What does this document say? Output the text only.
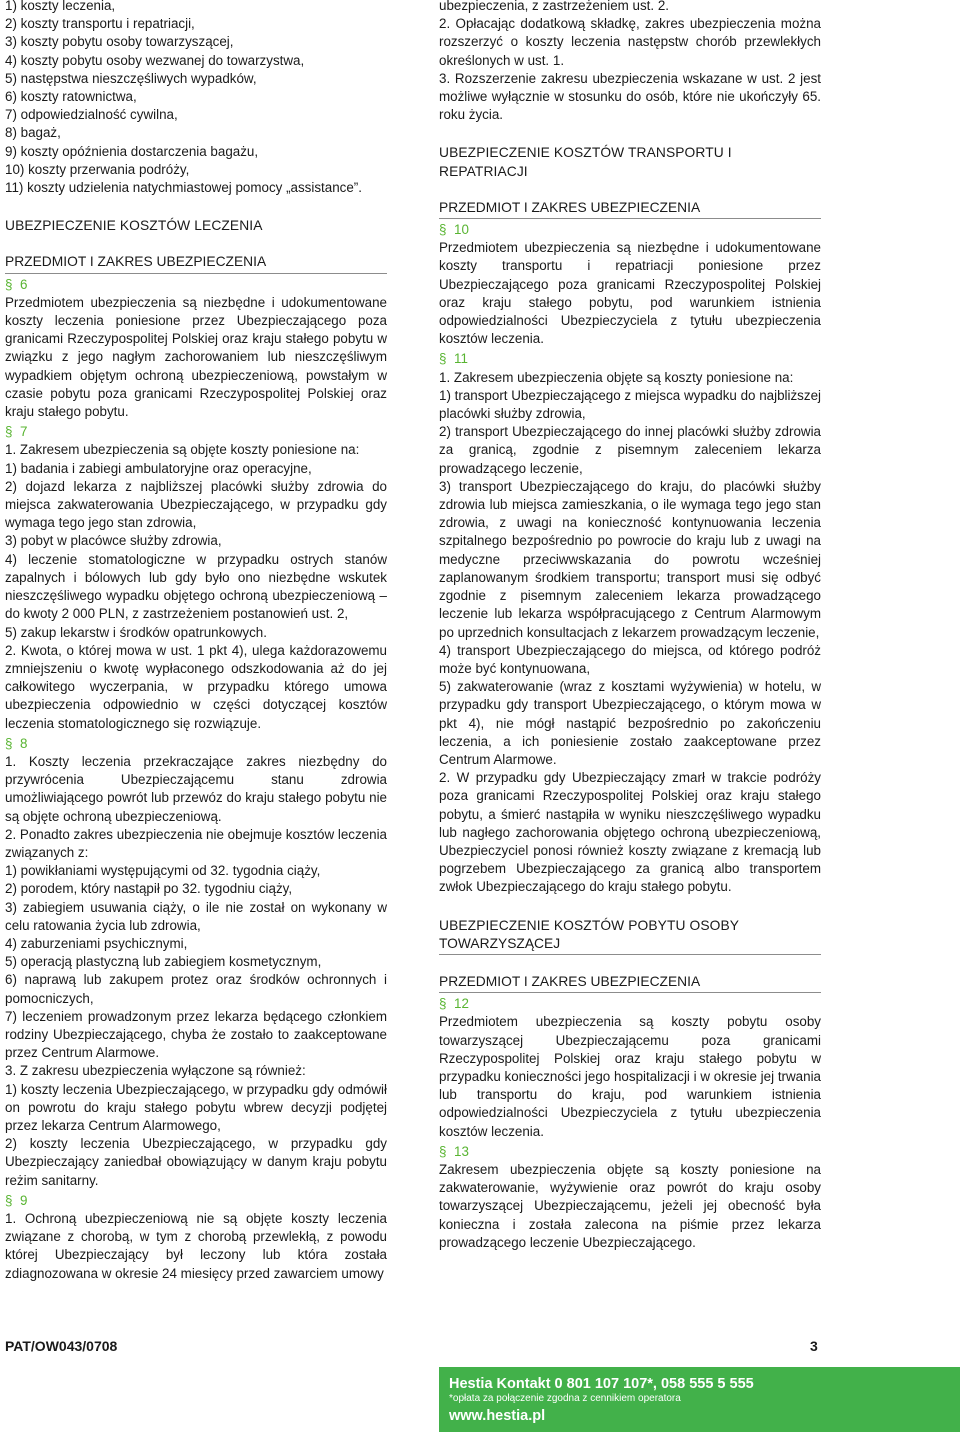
1) koszty leczenia,

2) koszty transportu i repatriacji,

3) koszty pobytu osoby towarzyszącej,

4) koszty pobytu osoby wezwanej do towarzystwa,

5) następstwa nieszczęśliwych wypadków,

6) koszty ratownictwa,

7) odpowiedzialność cywilna,

8) bagaż,

9) koszty opóźnienia dostarczenia bagażu,

10) koszty przerwania podróży,

11) koszty udzielenia natychmiastowej pomocy „assistance”.

UBEZPIECZENIE KOSZTÓW LECZENIA

PRZEDMIOT I ZAKRES UBEZPIECZENIA

§ 6

Przedmiotem ubezpieczenia są niezbędne i udokumentowane koszty leczenia poniesione przez Ubezpieczającego poza granicami Rzeczypospolitej Polskiej oraz kraju stałego pobytu w związku z jego nagłym zachorowaniem lub nieszczęśliwym wypadkiem objętym ochroną ubezpieczeniową, powstałym w czasie pobytu poza granicami Rzeczypospolitej Polskiej oraz kraju stałego pobytu.

§ 7

1. Zakresem ubezpieczenia są objęte koszty poniesione na:

1) badania i zabiegi ambulatoryjne oraz operacyjne,

2) dojazd lekarza z najbliższej placówki służby zdrowia do miejsca zakwaterowania Ubezpieczającego, w przypadku gdy wymaga tego jego stan zdrowia,

3) pobyt w placówce służby zdrowia,

4) leczenie stomatologiczne w przypadku ostrych stanów zapalnych i bólowych lub gdy było ono niezbędne wskutek nieszczęśliwego wypadku objętego ochroną ubezpieczeniową – do kwoty 2 000 PLN, z zastrzeżeniem postanowień ust. 2,

5) zakup lekarstw i środków opatrunkowych.

2. Kwota, o której mowa w ust. 1 pkt 4), ulega każdorazowemu zmniejszeniu o kwotę wypłaconego odszkodowania aż do jej całkowitego wyczerpania, w przypadku którego umowa ubezpieczenia odpowiednio w części dotyczącej kosztów leczenia stomatologicznego się rozwiązuje.

§ 8

1. Koszty leczenia przekraczające zakres niezbędny do przywrócenia Ubezpieczającemu stanu zdrowia umożliwiającego powrót lub przewóz do kraju stałego pobytu nie są objęte ochroną ubezpieczeniową.

2. Ponadto zakres ubezpieczenia nie obejmuje kosztów leczenia związanych z:

1) powikłaniami występującymi od 32. tygodnia ciąży,

2) porodem, który nastąpił po 32. tygodniu ciąży,

3) zabiegiem usuwania ciąży, o ile nie został on wykonany w celu ratowania życia lub zdrowia,

4) zaburzeniami psychicznymi,

5) operacją plastyczną lub zabiegiem kosmetycznym,

6) naprawą lub zakupem protez oraz środków ochronnych i pomocniczych,

7) leczeniem prowadzonym przez lekarza będącego członkiem rodziny Ubezpieczającego, chyba że zostało to zaakceptowane przez Centrum Alarmowe.

3. Z zakresu ubezpieczenia wyłączone są również:

1) koszty leczenia Ubezpieczającego, w przypadku gdy odmówił on powrotu do kraju stałego pobytu wbrew decyzji podjętej przez lekarza Centrum Alarmowego,

2) koszty leczenia Ubezpieczającego, w przypadku gdy Ubezpieczający zaniedbał obowiązujący w danym kraju pobytu reżim sanitarny.

§ 9

1. Ochroną ubezpieczeniową nie są objęte koszty leczenia związane z chorobą, w tym z chorobą przewlekłą, z powodu której Ubezpieczający był leczony lub która została zdiagnozowana w okresie 24 miesięcy przed zawarciem umowy

ubezpieczenia, z zastrzeżeniem ust. 2.

2. Opłacając dodatkową składkę, zakres ubezpieczenia można rozszerzyć o koszty leczenia następstw chorób przewlekłych określonych w ust. 1.

3. Rozszerzenie zakresu ubezpieczenia wskazane w ust. 2 jest możliwe wyłącznie w stosunku do osób, które nie ukończyły 65. roku życia.

UBEZPIECZENIE KOSZTÓW TRANSPORTU I REPATRIACJI

PRZEDMIOT I ZAKRES UBEZPIECZENIA

§ 10

Przedmiotem ubezpieczenia są niezbędne i udokumentowane koszty transportu i repatriacji poniesione przez Ubezpieczającego poza granicami Rzeczypospolitej Polskiej oraz kraju stałego pobytu, pod warunkiem istnienia odpowiedzialności Ubezpieczyciela z tytułu ubezpieczenia kosztów leczenia.

§ 11

1. Zakresem ubezpieczenia objęte są koszty poniesione na:

1) transport Ubezpieczającego z miejsca wypadku do najbliższej placówki służby zdrowia,

2) transport Ubezpieczającego do innej placówki służby zdrowia za granicą, zgodnie z pisemnym zaleceniem lekarza prowadzącego leczenie,

3) transport Ubezpieczającego do kraju, do placówki służby zdrowia lub miejsca zamieszkania, o ile wymaga tego jego stan zdrowia, z uwagi na konieczność kontynuowania leczenia szpitalnego bezpośrednio po powrocie do kraju lub z uwagi na medyczne przeciwwskazania do powrotu wcześniej zaplanowanym środkiem transportu; transport musi się odbyć zgodnie z pisemnym zaleceniem lekarza prowadzącego leczenie lub lekarza współpracującego z Centrum Alarmowym po uprzednich konsultacjach z lekarzem prowadzącym leczenie,

4) transport Ubezpieczającego do miejsca, od którego podróż może być kontynuowana,

5) zakwaterowanie (wraz z kosztami wyżywienia) w hotelu, w przypadku gdy transport Ubezpieczającego, o którym mowa w pkt 4), nie mógł nastąpić bezpośrednio po zakończeniu leczenia, a ich poniesienie zostało zaakceptowane przez Centrum Alarmowe.

2. W przypadku gdy Ubezpieczający zmarł w trakcie podróży poza granicami Rzeczypospolitej Polskiej oraz kraju stałego pobytu, a śmierć nastąpiła w wyniku nieszczęśliwego wypadku lub nagłego zachorowania objętego ochroną ubezpieczeniową, Ubezpieczyciel ponosi również koszty związane z kremacją lub pogrzebem Ubezpieczającego za granicą albo transportem zwłok Ubezpieczającego do kraju stałego pobytu.

UBEZPIECZENIE KOSZTÓW POBYTU OSOBY

TOWARZYSZĄCEJ

PRZEDMIOT I ZAKRES UBEZPIECZENIA

§ 12

Przedmiotem ubezpieczenia są koszty pobytu osoby towarzyszącej Ubezpieczającemu poza granicami Rzeczypospolitej Polskiej oraz kraju stałego pobytu w przypadku konieczności jego hospitalizacji i w okresie jej trwania lub transportu do kraju, pod warunkiem istnienia odpowiedzialności Ubezpieczyciela z tytułu ubezpieczenia kosztów leczenia.

§ 13

Zakresem ubezpieczenia objęte są koszty poniesione na zakwaterowanie, wyżywienie oraz powrót do kraju osoby towarzyszącej Ubezpieczającemu, jeżeli jej obecność była konieczna i została zalecona na piśmie przez lekarza prowadzącego leczenie Ubezpieczającego.

PAT/OW043/0708	3
Hestia Kontakt 0 801 107 107*, 058 555 5 555
*opłata za połączenie zgodna z cennikiem operatora
www.hestia.pl
